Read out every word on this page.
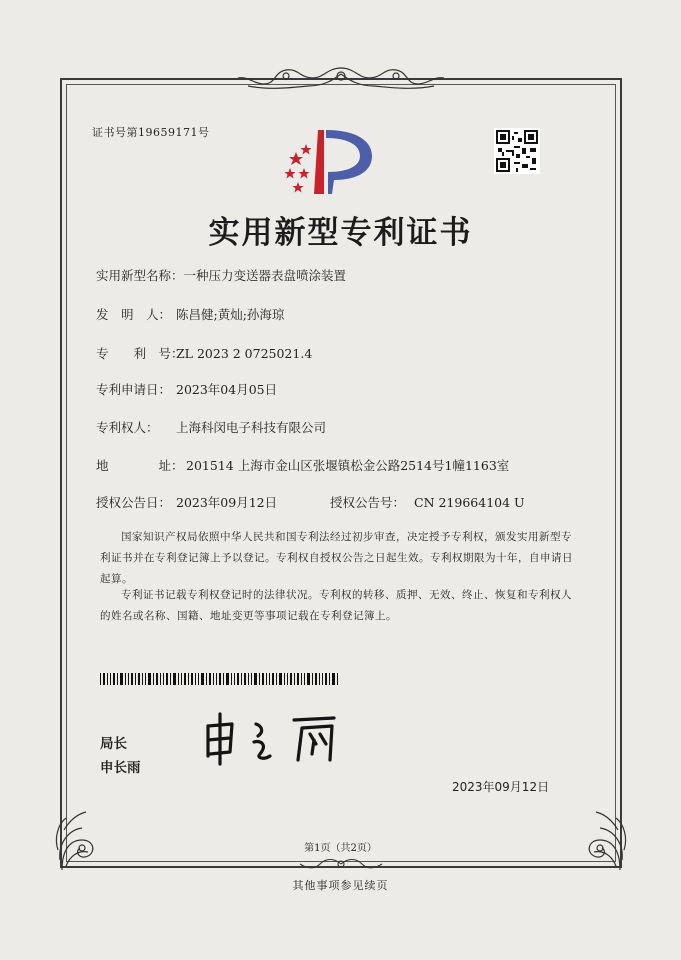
证书号第19659171号
实用新型专利证书
实用新型名称：一种压力变送器表盘喷涂装置
发　明　人： 陈昌健;黄灿;孙海琼
专　　利　号：ZL 2023 2 0725021.4
专利申请日： 2023年04月05日
专利权人： 上海科闵电子科技有限公司
地　　　　址： 201514 上海市金山区张堰镇松金公路2514号1幢1163室
授权公告日： 2023年09月12日	授权公告号： CN 219664104 U
国家知识产权局依照中华人民共和国专利法经过初步审查，决定授予专利权，颁发实用新型专利证书并在专利登记簿上予以登记。专利权自授权公告之日起生效。专利权期限为十年，自申请日起算。
专利证书记载专利权登记时的法律状况。专利权的转移、质押、无效、终止、恢复和专利权人的姓名或名称、国籍、地址变更等事项记载在专利登记簿上。
局长
申长雨
2023年09月12日
第1页（共2页）
其他事项参见续页
